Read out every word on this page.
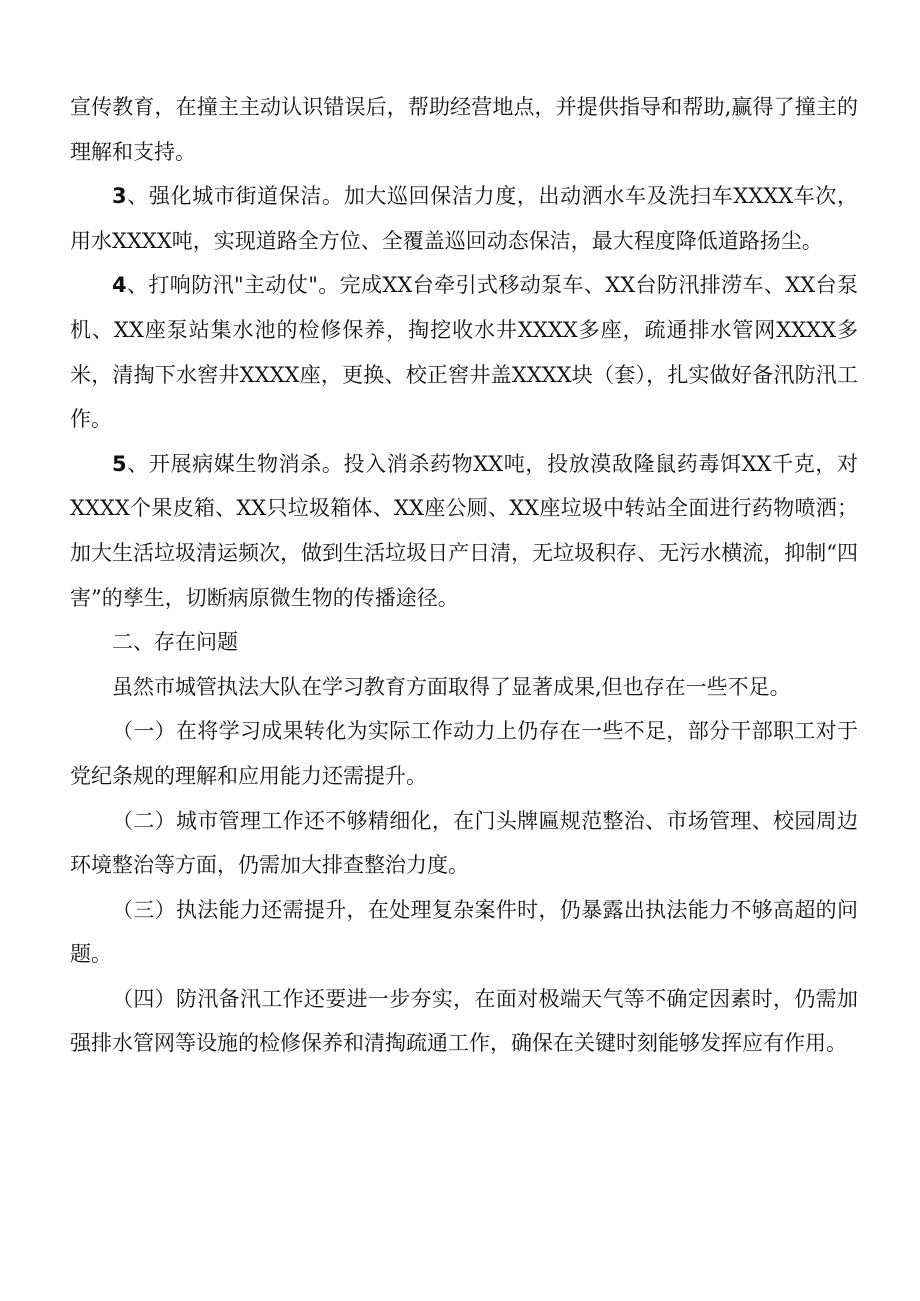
宣传教育，在撞主主动认识错误后，帮助经营地点，并提供指导和帮助,赢得了撞主的理解和支持。

3、强化城市街道保洁。加大巡回保洁力度，出动洒水车及洗扫车XXXX车次，用水XXXX吨，实现道路全方位、全覆盖巡回动态保洁，最大程度降低道路扬尘。

4、打响防汛"主动仗"。完成XX台牵引式移动泵车、XX台防汛排涝车、XX台泵机、XX座泵站集水池的检修保养，掏挖收水井XXXX多座，疏通排水管网XXXX多米，清掏下水窖井XXXX座，更换、校正窖井盖XXXX块（套），扎实做好备汛防汛工作。

5、开展病媒生物消杀。投入消杀药物XX吨，投放漠敌隆鼠药毒饵XX千克，对XXXX个果皮箱、XX只垃圾箱体、XX座公厕、XX座垃圾中转站全面进行药物喷洒；加大生活垃圾清运频次，做到生活垃圾日产日清，无垃圾积存、无污水横流，抑制“四害”的孳生，切断病原微生物的传播途径。

二、存在问题

虽然市城管执法大队在学习教育方面取得了显著成果,但也存在一些不足。

（一）在将学习成果转化为实际工作动力上仍存在一些不足，部分干部职工对于党纪条规的理解和应用能力还需提升。

（二）城市管理工作还不够精细化，在门头牌匾规范整治、市场管理、校园周边环境整治等方面，仍需加大排查整治力度。

（三）执法能力还需提升，在处理复杂案件时，仍暴露出执法能力不够高超的问题。

（四）防汛备汛工作还要进一步夯实，在面对极端天气等不确定因素时，仍需加强排水管网等设施的检修保养和清掏疏通工作，确保在关键时刻能够发挥应有作用。
